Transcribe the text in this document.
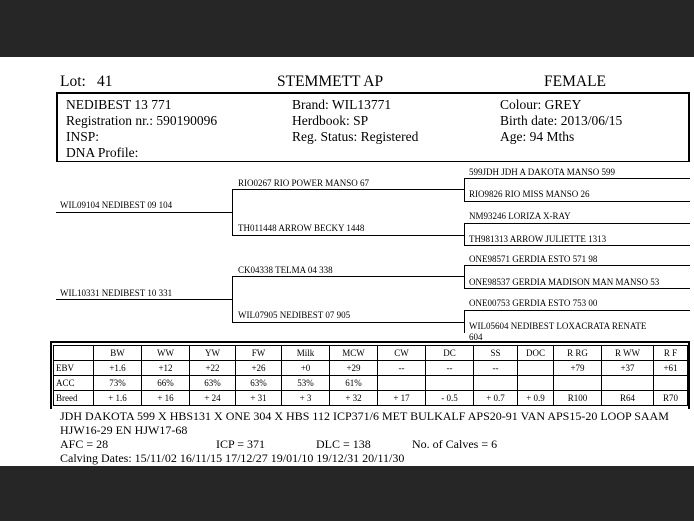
Lot: 41	STEMMETT AP	FEMALE
NEDIBEST 13 771
Registration nr.: 590190096
INSP:
DNA Profile:
Brand: WIL13771
Herdbook: SP
Reg. Status: Registered
Colour: GREY
Birth date: 2013/06/15
Age: 94 Mths
WIL09104 NEDIBEST 09 104
WIL10331 NEDIBEST 10 331
RIO0267 RIO POWER MANSO 67
TH011448 ARROW BECKY 1448
CK04338 TELMA 04 338
WIL07905 NEDIBEST 07 905
599JDH JDH A DAKOTA MANSO 599
RIO9826 RIO MISS MANSO 26
NM93246 LORIZA X-RAY
TH981313 ARROW JULIETTE 1313
ONE98571 GERDIA ESTO 571 98
ONE98537 GERDIA MADISON MAN MANSO 53
ONE00753 GERDIA ESTO 753 00
WIL05604 NEDIBEST LOXACRATA RENATE
604
	BW	WW	YW	FW	Milk	MCW	CW	DC	SS	DOC	R RG	R WW	R F
EBV	+1.6	+12	+22	+26	+0	+29	--	--	--		+79	+37	+61
ACC	73%	66%	63%	63%	53%	61%							
Breed	+ 1.6	+ 16	+ 24	+ 31	+ 3	+ 32	+ 17	- 0.5	+ 0.7	+ 0.9	R100	R64	R70
JDH DAKOTA 599 X HBS131 X ONE 304 X HBS 112 ICP371/6 MET BULKALF APS20-91 VAN APS15-20 LOOP SAAM
HJW16-29 EN HJW17-68
AFC = 28	ICP = 371	DLC = 138	No. of Calves = 6
Calving Dates: 15/11/02 16/11/15 17/12/27 19/01/10 19/12/31 20/11/30
